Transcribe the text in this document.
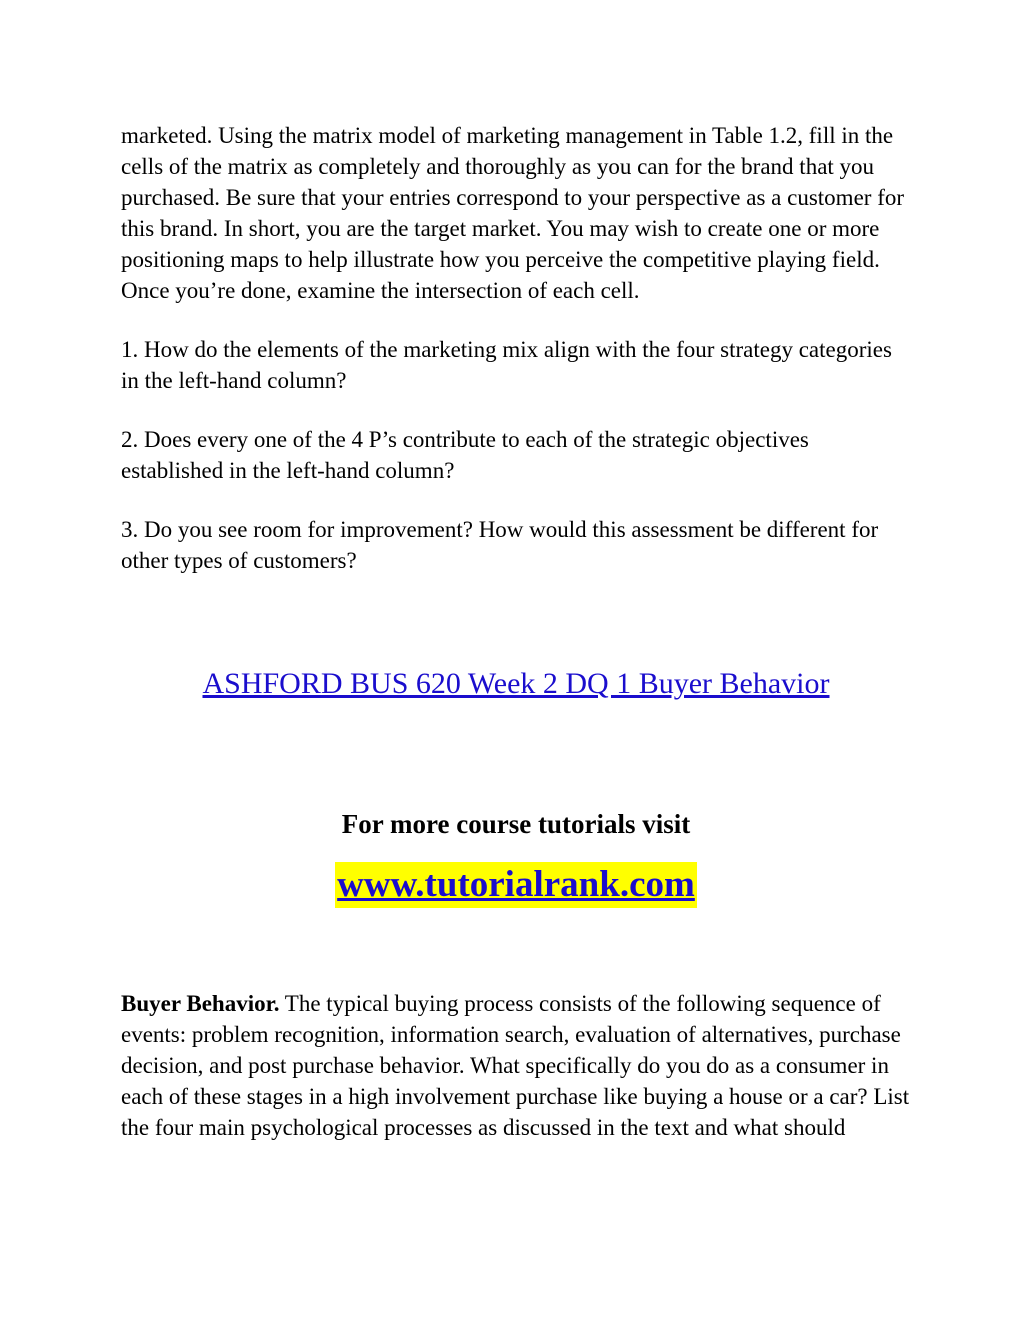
marketed. Using the matrix model of marketing management in Table 1.2, fill in the cells of the matrix as completely and thoroughly as you can for the brand that you purchased. Be sure that your entries correspond to your perspective as a customer for this brand. In short, you are the target market. You may wish to create one or more positioning maps to help illustrate how you perceive the competitive playing field. Once you’re done, examine the intersection of each cell.

1. How do the elements of the marketing mix align with the four strategy categories in the left-hand column?

2. Does every one of the 4 P’s contribute to each of the strategic objectives established in the left-hand column?

3. Do you see room for improvement? How would this assessment be different for other types of customers?

ASHFORD BUS 620 Week 2 DQ 1 Buyer Behavior
For more course tutorials visit
www.tutorialrank.com

Buyer Behavior. The typical buying process consists of the following sequence of events: problem recognition, information search, evaluation of alternatives, purchase decision, and post purchase behavior. What specifically do you do as a consumer in each of these stages in a high involvement purchase like buying a house or a car? List the four main psychological processes as discussed in the text and what should
